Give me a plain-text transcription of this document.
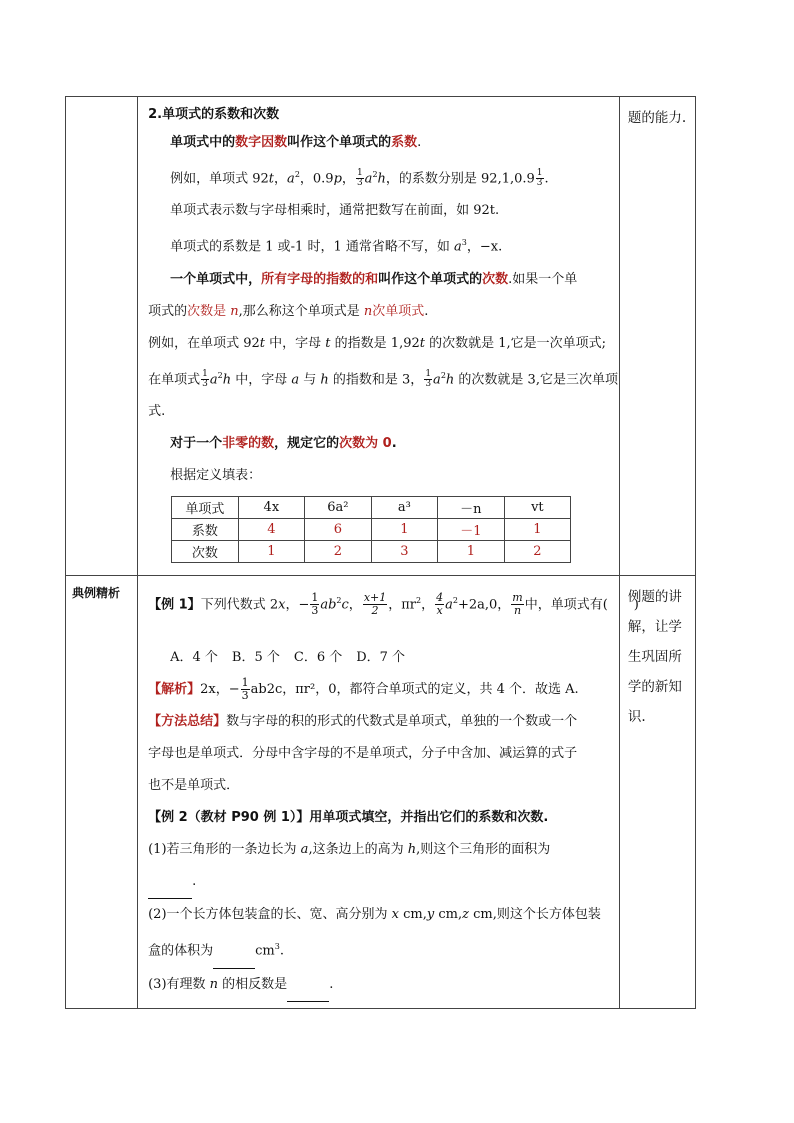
2.单项式的系数和次数
单项式中的数字因数叫作这个单项式的系数.
例如，单项式 92t，$a^2$，0.9p， $\frac{1}{3} a^2h$，的系数分别是 $92,1,0.9 \frac{1}{3}$ .
单项式表示数与字母相乘时，通常把数写在前面，如 92t.
单项式的系数是 1 或-1 时，1 通常省略不写，如 $a^3$，−x.
一个单项式中，所有字母的指数的和叫作这个单项式的次数.如果一个单
项式的次数是 n,那么称这个单项式是 n次单项式.
例如，在单项式 92t 中，字母 t 的指数是 1,92t 的次数就是 1,它是一次单项式;
在单项式 $\frac{1}{3} a^2h$ 中，字母 a 与 h 的指数和是 3， $\frac{1}{3} a^2h$ 的次数就是 3,它是三次单项
式.
对于一个非零的数，规定它的次数为 0.
根据定义填表：
单项式	4x	6a²	a³	－n	vt
系数	4	6	1	－1	1
次数	1	2	3	1	2
	题的能力.
典例精析	
【例 1】下列代数式 2x，− $\frac{1}{3} ab^2c$， $\frac{x+1}{2}$ ，$\pi r^2$， $\frac{4}{x} a^2+2a,0$， $\frac{m}{n}$ 中，单项式有(　　)
A．4 个 B．5 个 C．6 个 D．7 个
【解析】2x，− $\frac{1}{3} ab2c$，πr²，0，都符合单项式的定义，共 4 个．故选 A.
【方法总结】数与字母的积的形式的代数式是单项式，单独的一个数或一个
字母也是单项式．分母中含字母的不是单项式，分子中含加、减运算的式子
也不是单项式．
【例 2（教材 P90 例 1）】用单项式填空，并指出它们的系数和次数.
(1)若三角形的一条边长为 a,这条边上的高为 h,则这个三角形的面积为
.
(2)一个长方体包装盒的长、宽、高分别为 x cm,y cm,z cm,则这个长方体包装
盒的体积为	$cm^3$.
(3)有理数 n 的相反数是	.

例题的讲
解，让学
生巩固所
学的新知
识.
